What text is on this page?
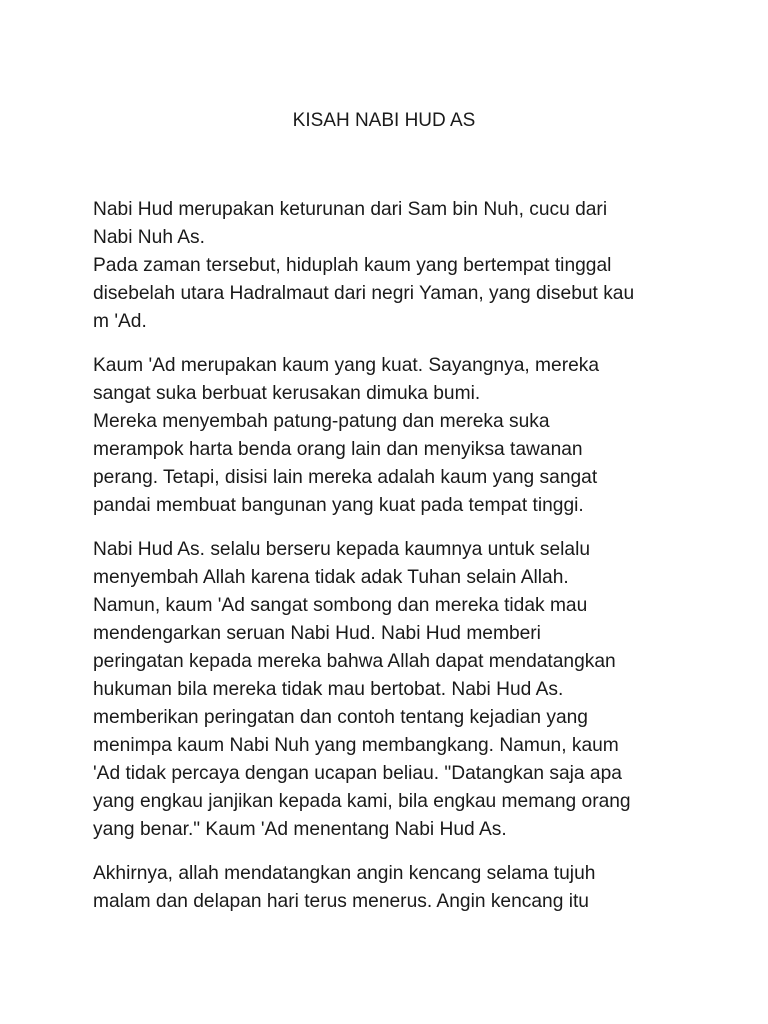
KISAH NABI HUD AS

Nabi Hud merupakan keturunan dari Sam bin Nuh, cucu dari
Nabi Nuh As.
Pada zaman tersebut, hiduplah kaum yang bertempat tinggal
disebelah utara Hadralmaut dari negri Yaman, yang disebut kau
m 'Ad.

Kaum 'Ad merupakan kaum yang kuat. Sayangnya, mereka
sangat suka berbuat kerusakan dimuka bumi.
Mereka menyembah patung-patung dan mereka suka
merampok harta benda orang lain dan menyiksa tawanan
perang. Tetapi, disisi lain mereka adalah kaum yang sangat
pandai membuat bangunan yang kuat pada tempat tinggi.

Nabi Hud As. selalu berseru kepada kaumnya untuk selalu
menyembah Allah karena tidak adak Tuhan selain Allah.
Namun, kaum 'Ad sangat sombong dan mereka tidak mau
mendengarkan seruan Nabi Hud. Nabi Hud memberi
peringatan kepada mereka bahwa Allah dapat mendatangkan
hukuman bila mereka tidak mau bertobat. Nabi Hud As.
memberikan peringatan dan contoh tentang kejadian yang
menimpa kaum Nabi Nuh yang membangkang. Namun, kaum
'Ad tidak percaya dengan ucapan beliau. "Datangkan saja apa
yang engkau janjikan kepada kami, bila engkau memang orang
yang benar." Kaum 'Ad menentang Nabi Hud As.

Akhirnya, allah mendatangkan angin kencang selama tujuh
malam dan delapan hari terus menerus. Angin kencang itu
